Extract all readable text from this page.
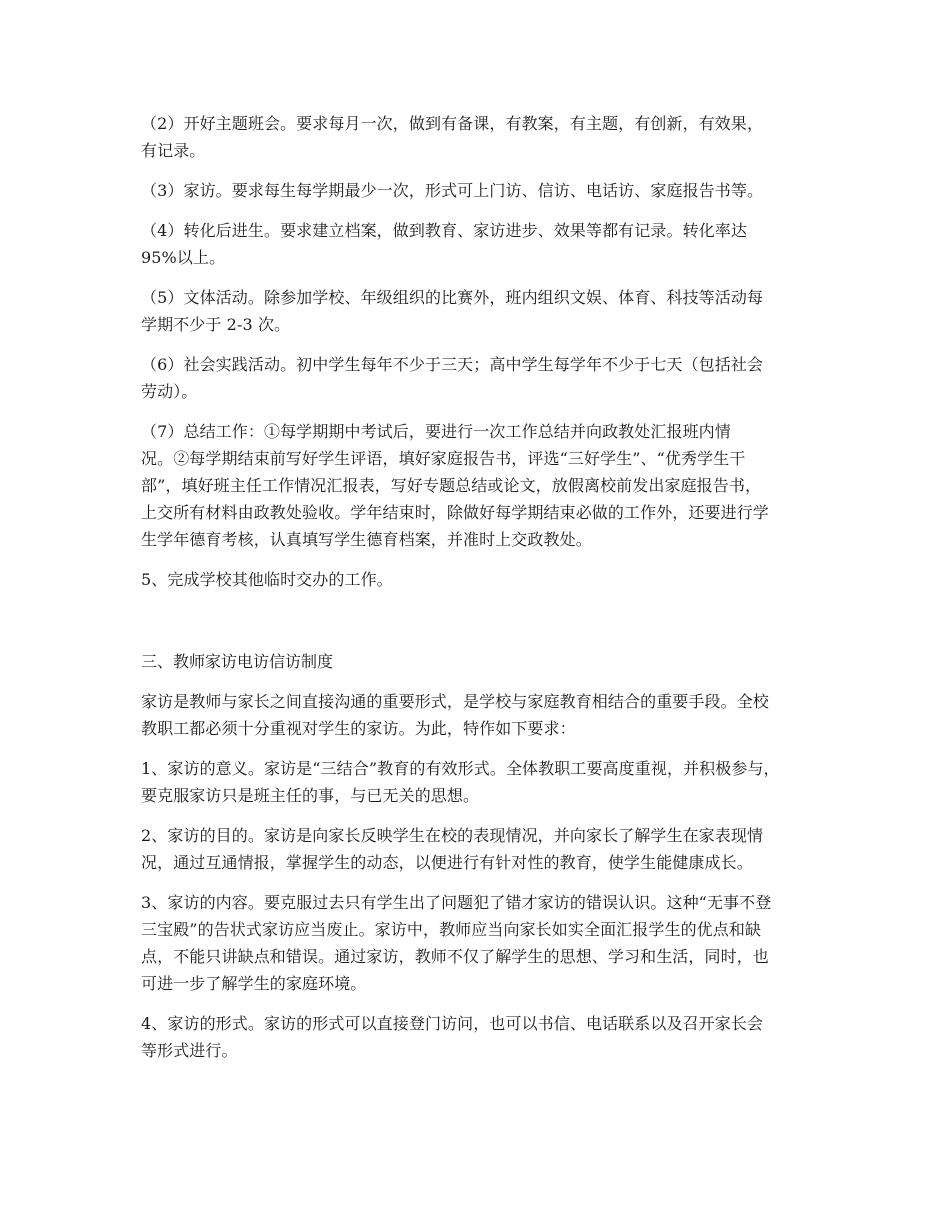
（2）开好主题班会。要求每月一次，做到有备课，有教案，有主题，有创新，有效果，
有记录。

（3）家访。要求每生每学期最少一次，形式可上门访、信访、电话访、家庭报告书等。

（4）转化后进生。要求建立档案，做到教育、家访进步、效果等都有记录。转化率达
95%以上。

（5）文体活动。除参加学校、年级组织的比赛外，班内组织文娱、体育、科技等活动每
学期不少于 2-3 次。

（6）社会实践活动。初中学生每年不少于三天；高中学生每学年不少于七天（包括社会
劳动）。

（7）总结工作：①每学期期中考试后，要进行一次工作总结并向政教处汇报班内情
况。②每学期结束前写好学生评语，填好家庭报告书，评选“三好学生”、“优秀学生干
部”，填好班主任工作情况汇报表，写好专题总结或论文，放假离校前发出家庭报告书，
上交所有材料由政教处验收。学年结束时，除做好每学期结束必做的工作外，还要进行学
生学年德育考核，认真填写学生德育档案，并准时上交政教处。

5、完成学校其他临时交办的工作。

三、教师家访电访信访制度

家访是教师与家长之间直接沟通的重要形式，是学校与家庭教育相结合的重要手段。全校
教职工都必须十分重视对学生的家访。为此，特作如下要求：

1、家访的意义。家访是“三结合”教育的有效形式。全体教职工要高度重视，并积极参与，
要克服家访只是班主任的事，与已无关的思想。

2、家访的目的。家访是向家长反映学生在校的表现情况，并向家长了解学生在家表现情
况，通过互通情报，掌握学生的动态，以便进行有针对性的教育，使学生能健康成长。

3、家访的内容。要克服过去只有学生出了问题犯了错才家访的错误认识。这种“无事不登
三宝殿”的告状式家访应当废止。家访中，教师应当向家长如实全面汇报学生的优点和缺
点，不能只讲缺点和错误。通过家访，教师不仅了解学生的思想、学习和生活，同时，也
可进一步了解学生的家庭环境。

4、家访的形式。家访的形式可以直接登门访问，也可以书信、电话联系以及召开家长会
等形式进行。
